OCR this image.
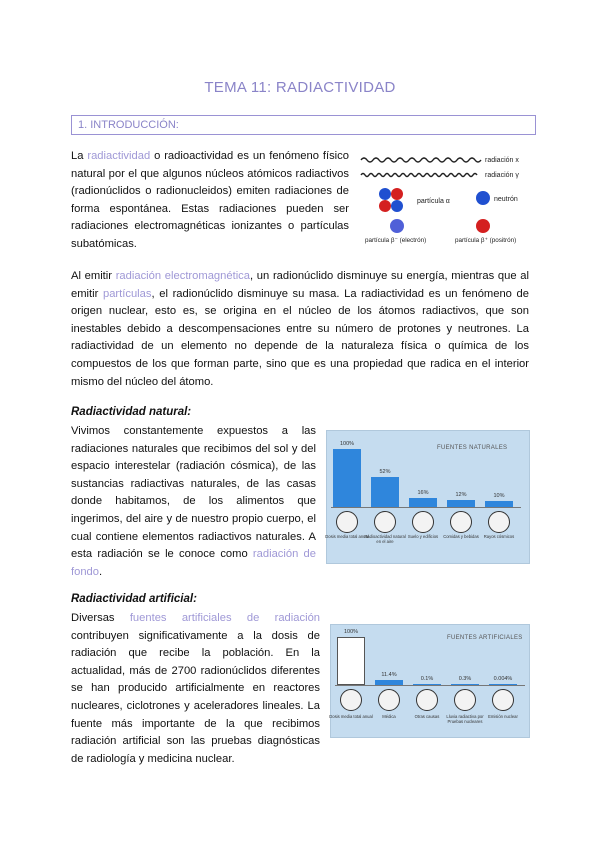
TEMA 11: RADIACTIVIDAD
1. INTRODUCCIÓN:
La radiactividad o radioactividad es un fenómeno físico natural por el que algunos núcleos atómicos radiactivos (radionúclidos o radionucleidos) emiten radiaciones de forma espontánea. Estas radiaciones pueden ser radiaciones electromagnéticas ionizantes o partículas subatómicas.
radiación x
radiación γ
partícula α	neutrón
partícula β⁻ (electrón)	partícula β⁺ (positrón)
Al emitir radiación electromagnética, un radionúclido disminuye su energía, mientras que al emitir partículas, el radionúclido disminuye su masa. La radiactividad es un fenómeno de origen nuclear, esto es, se origina en el núcleo de los átomos radiactivos, que son inestables debido a descompensaciones entre su número de protones y neutrones. La radiactividad de un elemento no depende de la naturaleza física o química de los compuestos de los que forman parte, sino que es una propiedad que radica en el interior mismo del núcleo del átomo.
Radiactividad natural:
Vivimos constantemente expuestos a las radiaciones naturales que recibimos del sol y del espacio interestelar (radiación cósmica), de las sustancias radiactivas naturales, de las casas donde habitamos, de los alimentos que ingerimos, del aire y de nuestro propio cuerpo, el cual contiene elementos radiactivos naturales. A esta radiación se le conoce como radiación de fondo.
FUENTES NATURALES
100%
Dosis media total anual
52%
Radioactividad natural en el aire
16%
Suelo y edificios
12%
Comidas y bebidas
10%
Rayos cósmicos
Radiactividad artificial:
Diversas fuentes artificiales de radiación contribuyen significativamente a la dosis de radiación que recibe la población. En la actualidad, más de 2700 radionúclidos diferentes se han producido artificialmente en reactores nucleares, ciclotrones y aceleradores lineales. La fuente más importante de la que recibimos radiación artificial son las pruebas diagnósticas de radiología y medicina nuclear.
FUENTES ARTIFICIALES
100%
Dosis media total anual
11.4%
Médica
0.1%
Otras causas
0.3%
Lluvia radiactiva por Pruebas nucleares
0.004%
Emisión nuclear
